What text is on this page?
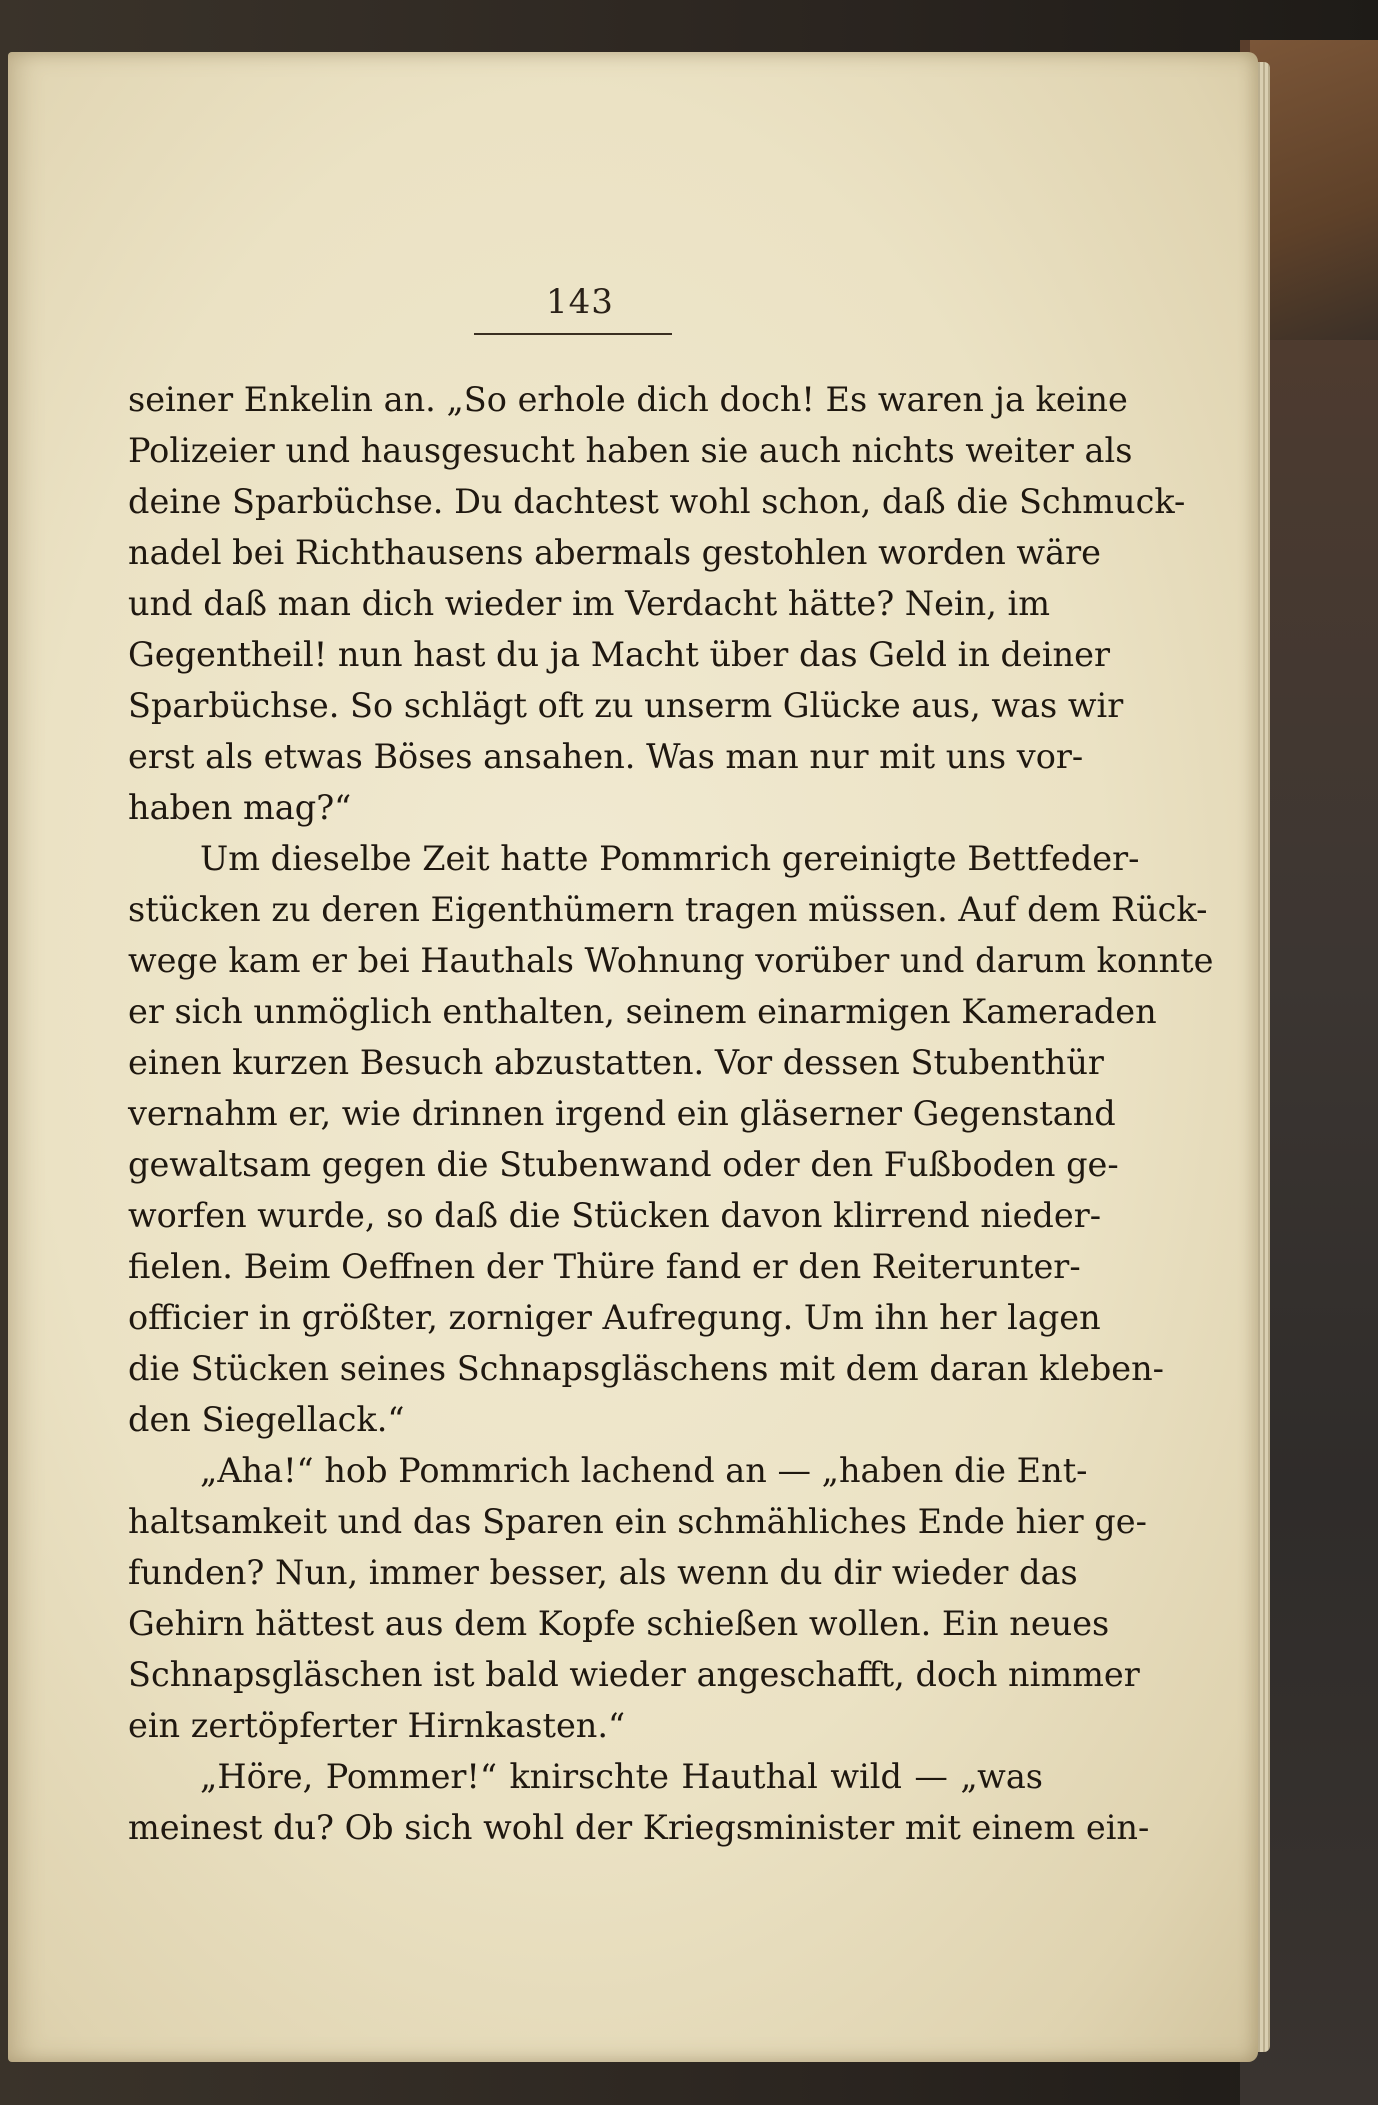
143
seiner Enkelin an. „So erhole dich doch! Es waren ja keine
Polizeier und hausgesucht haben sie auch nichts weiter als
deine Sparbüchse. Du dachtest wohl schon, daß die Schmuck-
nadel bei Richthausens abermals gestohlen worden wäre
und daß man dich wieder im Verdacht hätte? Nein, im
Gegentheil! nun hast du ja Macht über das Geld in deiner
Sparbüchse. So schlägt oft zu unserm Glücke aus, was wir
erst als etwas Böses ansahen. Was man nur mit uns vor-
haben mag?“
Um dieselbe Zeit hatte Pommrich gereinigte Bettfeder-
stücken zu deren Eigenthümern tragen müssen. Auf dem Rück-
wege kam er bei Hauthals Wohnung vorüber und darum konnte
er sich unmöglich enthalten, seinem einarmigen Kameraden
einen kurzen Besuch abzustatten. Vor dessen Stubenthür
vernahm er, wie drinnen irgend ein gläserner Gegenstand
gewaltsam gegen die Stubenwand oder den Fußboden ge-
worfen wurde, so daß die Stücken davon klirrend nieder-
fielen. Beim Oeffnen der Thüre fand er den Reiterunter-
officier in größter, zorniger Aufregung. Um ihn her lagen
die Stücken seines Schnapsgläschens mit dem daran kleben-
den Siegellack.“
„Aha!“ hob Pommrich lachend an — „haben die Ent-
haltsamkeit und das Sparen ein schmähliches Ende hier ge-
funden? Nun, immer besser, als wenn du dir wieder das
Gehirn hättest aus dem Kopfe schießen wollen. Ein neues
Schnapsgläschen ist bald wieder angeschafft, doch nimmer
ein zertöpferter Hirnkasten.“
„Höre, Pommer!“ knirschte Hauthal wild — „was
meinest du? Ob sich wohl der Kriegsminister mit einem ein-
